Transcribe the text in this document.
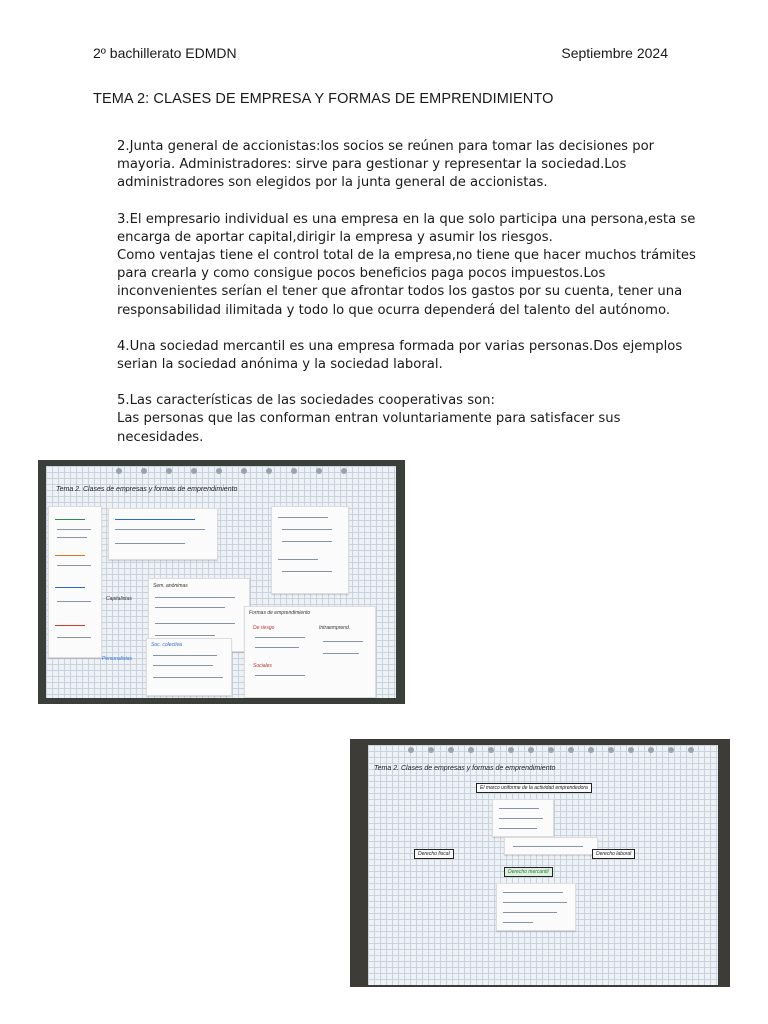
2º bachillerato EDMDN	Septiembre 2024
TEMA 2: CLASES DE EMPRESA Y FORMAS DE EMPRENDIMIENTO

2.Junta general de accionistas:los socios se reúnen para tomar las decisiones por mayoria. Administradores: sirve para gestionar y representar la sociedad.Los administradores son elegidos por la junta general de accionistas.

3.El empresario individual es una empresa en la que solo participa una persona,esta se encarga de aportar capital,dirigir la empresa y asumir los riesgos.

Como ventajas tiene el control total de la empresa,no tiene que hacer muchos trámites para crearla y como consigue pocos beneficios paga pocos impuestos.Los inconvenientes serían el tener que afrontar todos los gastos por su cuenta, tener una responsabilidad ilimitada y todo lo que ocurra dependerá del talento del autónomo.

4.Una sociedad mercantil es una empresa formada por varias personas.Dos ejemplos serian la sociedad anónima y la sociedad laboral.

5.Las características de las sociedades cooperativas son:

Las personas que las conforman entran voluntariamente para satisfacer sus necesidades.

Tema 2. Clases de empresas y formas de emprendimiento
Capitalistas
Sem. anónimas
Personalistas
Soc. colectiva
Formas de emprendimiento
De riesgo	Intraemprend.
Sociales
Tema 2. Clases de empresas y formas de emprendimiento
El marco uniforme de la actividad emprendedora
Derecho fiscal	Derecho laboral
Derecho mercantil
